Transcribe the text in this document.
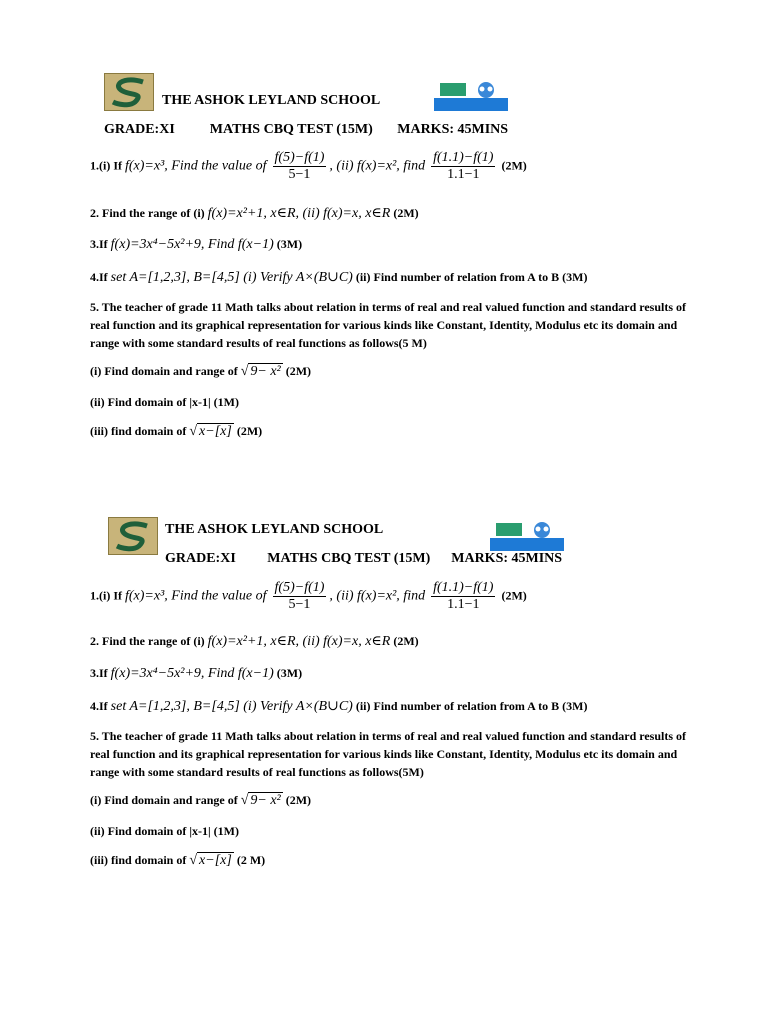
THE ASHOK LEYLAND SCHOOL
GRADE:XI	MATHS CBQ TEST (15M) MARKS: 45MINS
1.(i) If f(x)=x³, Find the value of $\frac{f(5)-f(1)}{5-1}$ , (ii) f(x)=x², find $\frac{f(1.1)-f(1)}{1.1-1} (2M)$
2. Find the range of (i) f(x)=x²+1, x∈R, (ii) f(x)=x, x∈R (2M)
3.If f(x)=3x⁴−5x²+9, Find f(x−1) (3M)
4.If set A=[1,2,3], B=[4,5] (i) Verify A×(B∪C) (ii) Find number of relation from A to B (3M)
5. The teacher of grade 11 Math talks about relation in terms of real and real valued function and standard results of real function and its graphical representation for various kinds like Constant, Identity, Modulus etc its domain and range with some standard results of real functions as follows(5 M)
(i) Find domain and range of √ 9− x² (2M)
(ii) Find domain of |x-1| (1M)
(iii) find domain of √ x−[x] (2M)
THE ASHOK LEYLAND SCHOOL
GRADE:XI MATHS CBQ TEST (15M) MARKS: 45MINS
1.(i) If f(x)=x³, Find the value of $\frac{f(5)-f(1)}{5-1}$ , (ii) f(x)=x², find $\frac{f(1.1)-f(1)}{1.1-1} (2M)$
2. Find the range of (i) f(x)=x²+1, x∈R, (ii) f(x)=x, x∈R (2M)
3.If f(x)=3x⁴−5x²+9, Find f(x−1) (3M)
4.If set A=[1,2,3], B=[4,5] (i) Verify A×(B∪C) (ii) Find number of relation from A to B (3M)
5. The teacher of grade 11 Math talks about relation in terms of real and real valued function and standard results of real function and its graphical representation for various kinds like Constant, Identity, Modulus etc its domain and range with some standard results of real functions as follows(5M)
(i) Find domain and range of √ 9− x² (2M)
(ii) Find domain of |x-1| (1M)
(iii) find domain of √ x−[x] (2 M)
